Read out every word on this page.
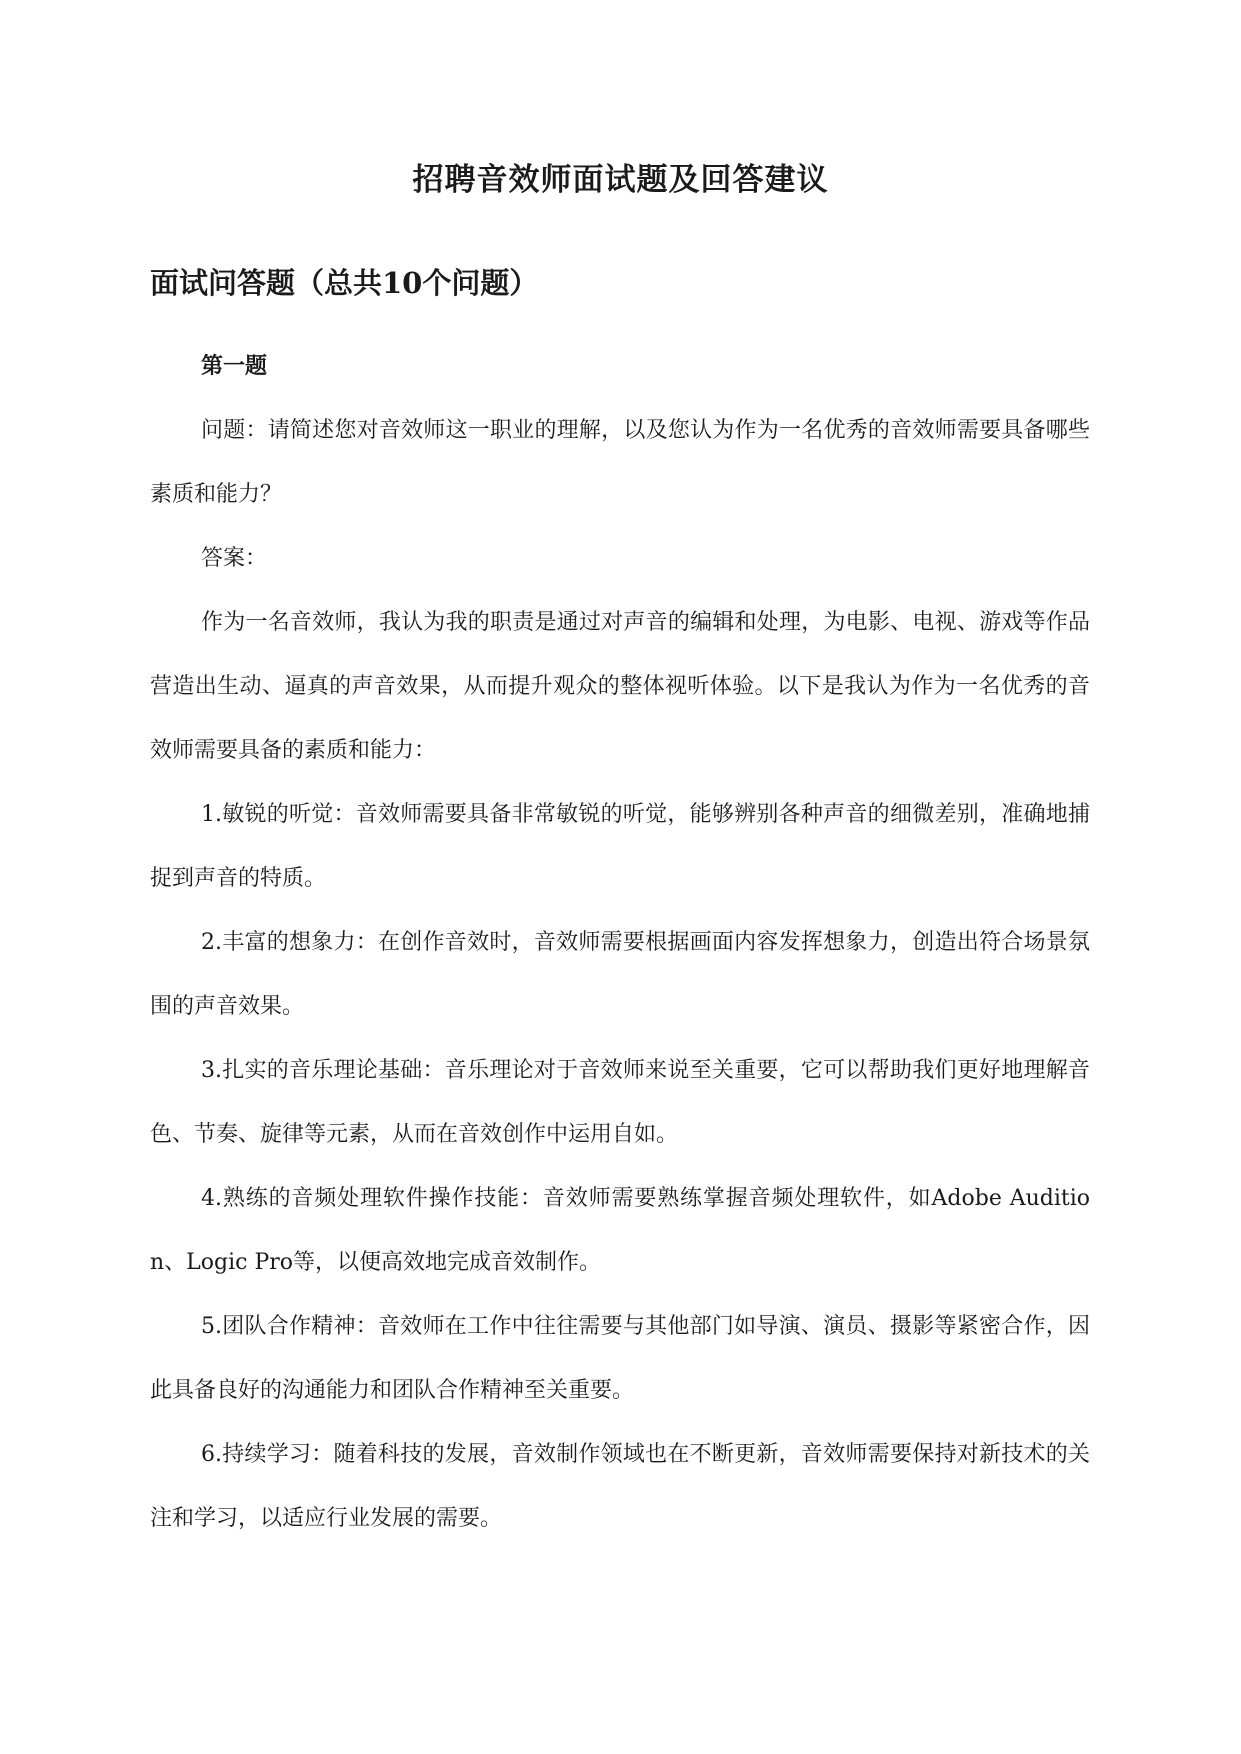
招聘音效师面试题及回答建议
面试问答题（总共10个问题）
第一题

问题：请简述您对音效师这一职业的理解，以及您认为作为一名优秀的音效师需要具备哪些素质和能力？

答案：

作为一名音效师，我认为我的职责是通过对声音的编辑和处理，为电影、电视、游戏等作品营造出生动、逼真的声音效果，从而提升观众的整体视听体验。以下是我认为作为一名优秀的音效师需要具备的素质和能力：

1.敏锐的听觉：音效师需要具备非常敏锐的听觉，能够辨别各种声音的细微差别，准确地捕捉到声音的特质。

2.丰富的想象力：在创作音效时，音效师需要根据画面内容发挥想象力，创造出符合场景氛围的声音效果。

3.扎实的音乐理论基础：音乐理论对于音效师来说至关重要，它可以帮助我们更好地理解音色、节奏、旋律等元素，从而在音效创作中运用自如。

4.熟练的音频处理软件操作技能：音效师需要熟练掌握音频处理软件，如Adobe Audition、Logic Pro等，以便高效地完成音效制作。

5.团队合作精神：音效师在工作中往往需要与其他部门如导演、演员、摄影等紧密合作，因此具备良好的沟通能力和团队合作精神至关重要。

6.持续学习：随着科技的发展，音效制作领域也在不断更新，音效师需要保持对新技术的关注和学习，以适应行业发展的需要。
